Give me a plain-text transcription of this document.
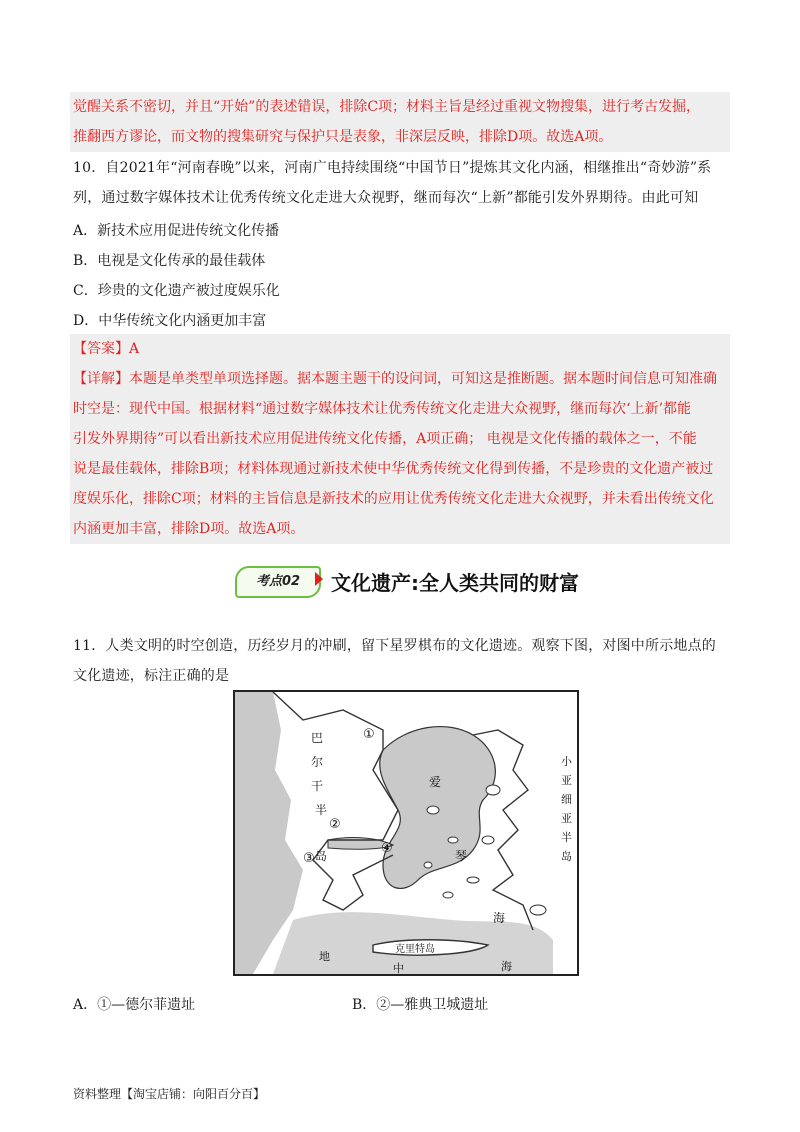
觉醒关系不密切，并且“开始”的表述错误，排除C项；材料主旨是经过重视文物搜集，进行考古发掘，
推翻西方谬论，而文物的搜集研究与保护只是表象，非深层反映，排除D项。故选A项。
10．自2021年“河南春晚”以来，河南广电持续围绕“中国节日”提炼其文化内涵，相继推出“奇妙游”系列，通过数字媒体技术让优秀传统文化走进大众视野，继而每次“上新”都能引发外界期待。由此可知
A．新技术应用促进传统文化传播
B．电视是文化传承的最佳载体
C．珍贵的文化遗产被过度娱乐化
D．中华传统文化内涵更加丰富
【答案】A
【详解】本题是单类型单项选择题。据本题主题干的设问词，可知这是推断题。据本题时间信息可知准确
时空是：现代中国。根据材料“通过数字媒体技术让优秀传统文化走进大众视野，继而每次‘上新’都能
引发外界期待”可以看出新技术应用促进传统文化传播，A项正确； 电视是文化传播的载体之一，不能
说是最佳载体，排除B项；材料体现通过新技术使中华优秀传统文化得到传播，不是珍贵的文化遗产被过
度娱乐化，排除C项；材料的主旨信息是新技术的应用让优秀传统文化走进大众视野，并未看出传统文化
内涵更加丰富，排除D项。故选A项。
考点02	文化遗产:全人类共同的财富
11．人类文明的时空创造，历经岁月的冲刷，留下星罗棋布的文化遗迹。观察下图，对图中所示地点的文化遗迹，标注正确的是
巴
尔
干
半
岛
小
亚
细
亚
半
岛
爱
琴
海
地
中	海
克里特岛
①
②
③
④
A．①—德尔菲遗址	B．②—雅典卫城遗址
资料整理【淘宝店铺：向阳百分百】
